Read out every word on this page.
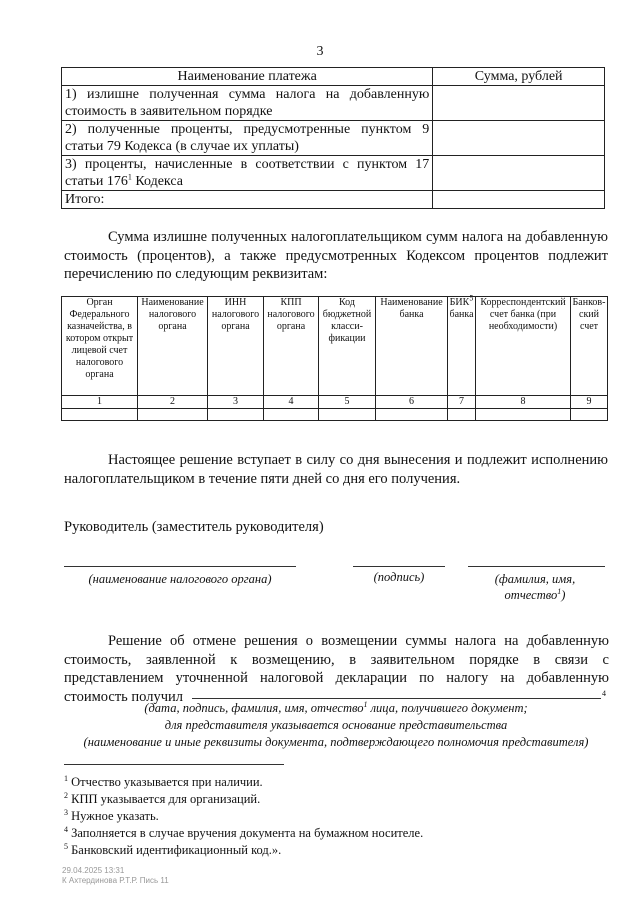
3
Наименование платежа	Сумма, рублей
1) излишне полученная сумма налога на добавленную стоимость в заявительном порядке	
2) полученные проценты, предусмотренные пунктом 9 статьи 79 Кодекса (в случае их уплаты)	
3) проценты, начисленные в соответствии с пунктом 17 статьи $176^1$ Кодекса	
Итого:	
Сумма излишне полученных налогоплательщиком сумм налога на добавленную стоимость (процентов), а также предусмотренных Кодексом процентов подлежит перечислению по следующим реквизитам:
Орган Федерального казначейства, в котором открыт лицевой счет налогового органа	Наименование налогового органа	ИНН налогового органа	КПП налогового органа	Код бюджетной класси-фикации	Наименование банка	БИК$^5$ банка	Корреспондентский счет банка (при необходимости)	Банков-ский счет
1	2	3	4	5	6	7	8	9

Настоящее решение вступает в силу со дня вынесения и подлежит исполнению налогоплательщиком в течение пяти дней со дня его получения.
Руководитель (заместитель руководителя)
(наименование налогового органа)	(подпись)	(фамилия, имя, отчество$^1$)
Решение об отмене решения о возмещении суммы налога на добавленную стоимость, заявленной к возмещению, в заявительном порядке в связи с представлением уточненной налоговой декларации по налогу на добавленную стоимость получил	4
(дата, подпись, фамилия, имя, отчество$^1$ лица, получившего документ;
для представителя указывается основание представительства
(наименование и иные реквизиты документа, подтверждающего полномочия представителя)
$^1$ Отчество указывается при наличии.
$^2$ КПП указывается для организаций.
$^3$ Нужное указать.
$^4$ Заполняется в случае вручения документа на бумажном носителе.
$^5$ Банковский идентификационный код.».
29.04.2025 13:31
К Ахтердинова Р.Т.Р. Пись 11
